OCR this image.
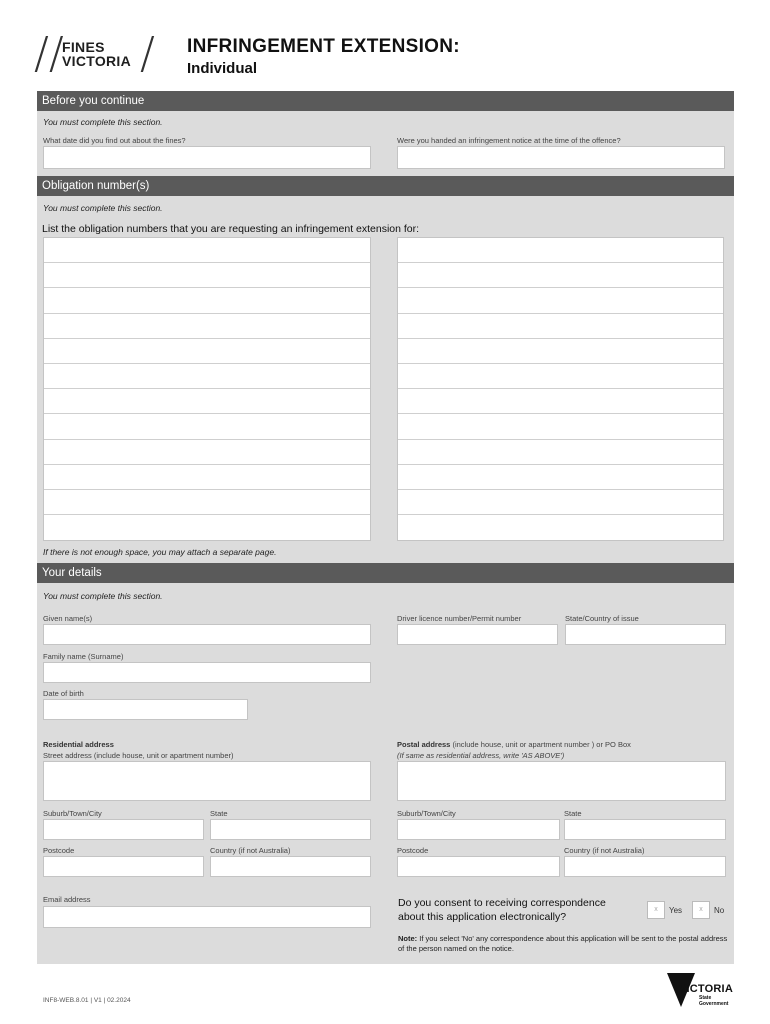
//
FINES
VICTORIA / INFRINGEMENT EXTENSION:
Individual
Before you continue
You must complete this section.
What date did you find out about the fines?	Were you handed an infringement notice at the time of the offence?
Obligation number(s)
You must complete this section.
List the obligation numbers that you are requesting an infringement extension for:
If there is not enough space, you may attach a separate page.
Your details
You must complete this section.
Given name(s)	Driver licence number/Permit number	State/Country of issue
Family name (Surname)
Date of birth
Residential address
Street address (include house, unit or apartment number)
Postal address (include house, unit or apartment number ) or PO Box
(If same as residential address, write 'AS ABOVE')
Suburb/Town/City	State	Suburb/Town/City	State
Postcode	Country (if not Australia)	Postcode	Country (if not Australia)
Email address	Do you consent to receiving correspondence
about this application electronically?
x	Yes	x	No
Note: If you select 'No' any correspondence about this application will be sent to the postal address of the person named on the notice.
INF8-WEB.8.01 | V1 | 02.2024
VICTORIA
State
Government
